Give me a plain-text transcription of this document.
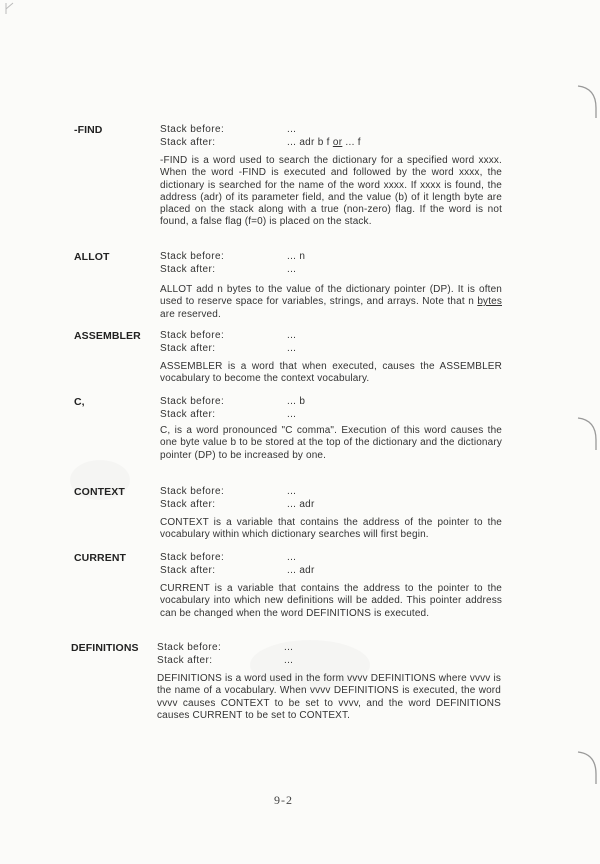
-FIND	Stack before:	...
Stack after:	... adr b f or ... f
-FIND is a word used to search the dictionary for a specified word xxxx. When the word -FIND is executed and followed by the word xxxx, the dictionary is searched for the name of the word xxxx. If xxxx is found, the address (adr) of its parameter field, and the value (b) of it length byte are placed on the stack along with a true (non-zero) flag. If the word is not found, a false flag (f=0) is placed on the stack.
ALLOT	Stack before:	... n
Stack after:	...
ALLOT add n bytes to the value of the dictionary pointer (DP). It is often used to reserve space for variables, strings, and arrays. Note that n bytes are reserved.
ASSEMBLER Stack before:	...
Stack after:	...
ASSEMBLER is a word that when executed, causes the ASSEMBLER vocabulary to become the context vocabulary.
C,	Stack before:	... b
Stack after:	...
C, is a word pronounced "C comma". Execution of this word causes the one byte value b to be stored at the top of the dictionary and the dictionary pointer (DP) to be increased by one.
CONTEXT	Stack before:	...
Stack after:	... adr
CONTEXT is a variable that contains the address of the pointer to the vocabulary within which dictionary searches will first begin.
CURRENT	Stack before:	...
Stack after:	... adr
CURRENT is a variable that contains the address to the pointer to the vocabulary into which new definitions will be added. This pointer address can be changed when the word DEFINITIONS is executed.
DEFINITIONS Stack before:	...
Stack after:	...
DEFINITIONS is a word used in the form vvvv DEFINITIONS where vvvv is the name of a vocabulary. When vvvv DEFINITIONS is executed, the word vvvv causes CONTEXT to be set to vvvv, and the word DEFINITIONS causes CURRENT to be set to CONTEXT.
9-2
